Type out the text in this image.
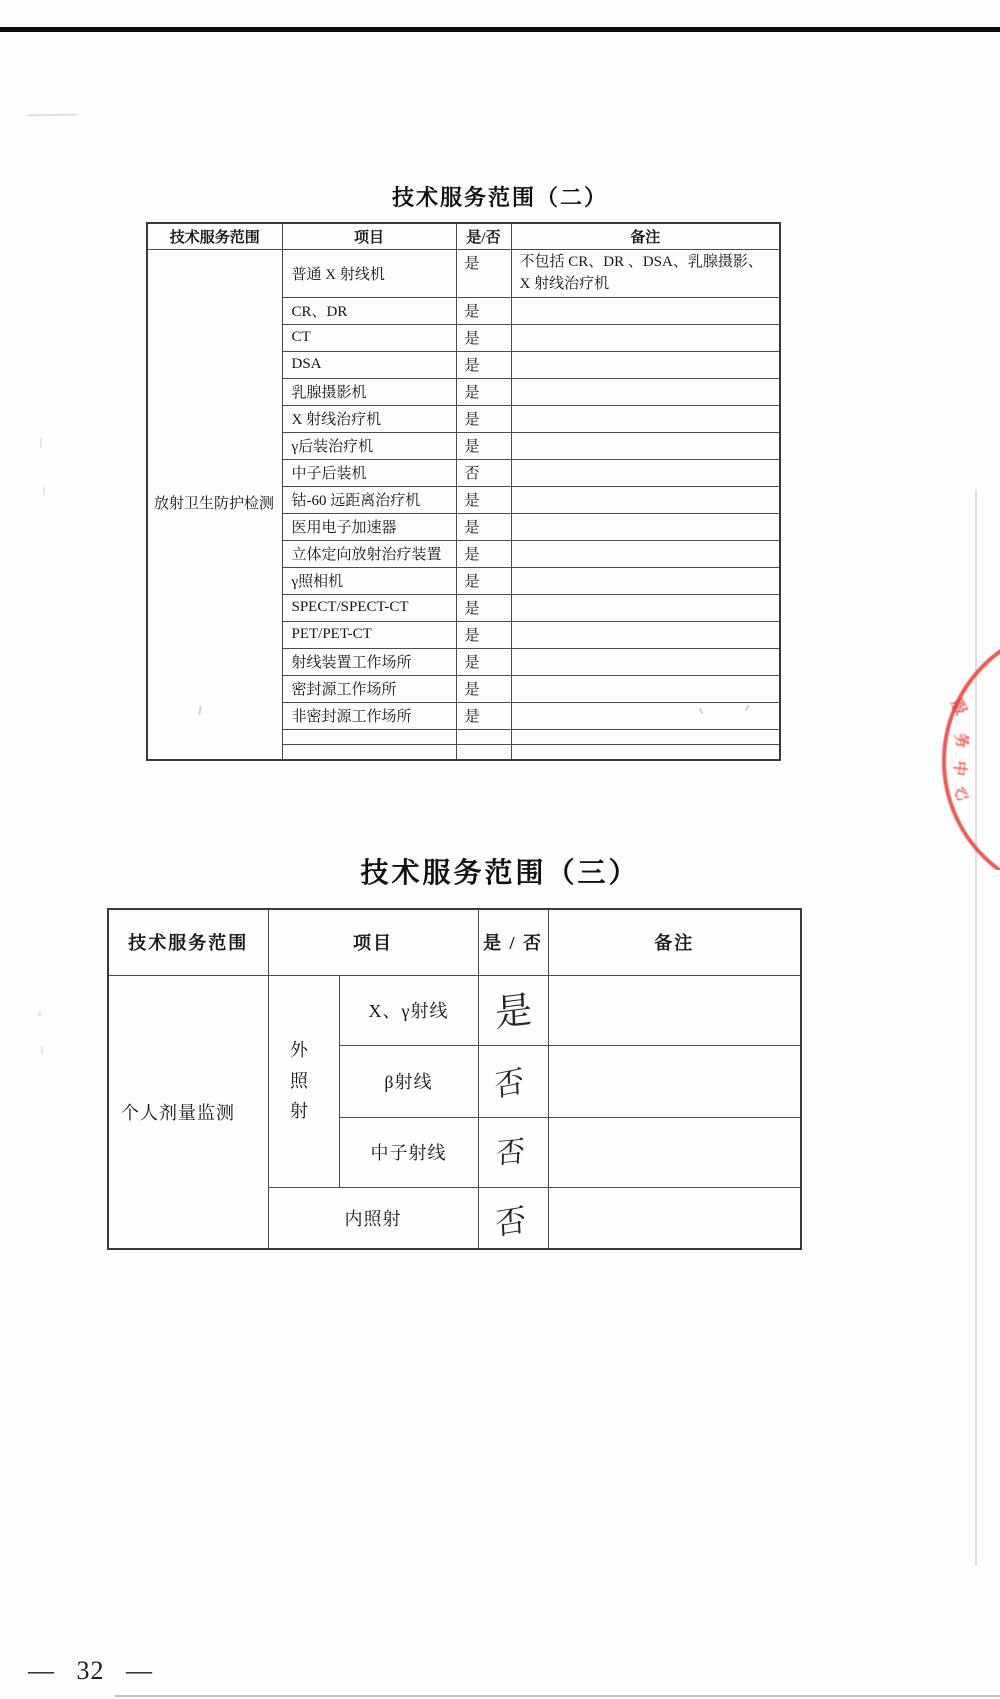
技术服务范围（二）
技术服务范围	项目	是/否	备注
放射卫生防护检测	普通 X 射线机	是	不包括 CR、DR 、DSA、乳腺摄影、X 射线治疗机
	CR、DR	是	
	CT	是	
	DSA	是	
	乳腺摄影机	是	
	X 射线治疗机	是	
	γ后装治疗机	是	
	中子后装机	否	
	钴-60 远距离治疗机	是	
	医用电子加速器	是	
	立体定向放射治疗装置	是	
	γ照相机	是	
	SPECT/SPECT-CT	是	
	PET/PET-CT	是	
	射线装置工作场所	是	
	密封源工作场所	是	
	非密封源工作场所	是	

			服
务
中
心
技术服务范围（三）
技术服务范围	项目		是 / 否	备注
个人剂量监测	外照射	X、γ射线	是	
		β射线	否	
		中子射线	否	
	内照射		否	
— 32 —
